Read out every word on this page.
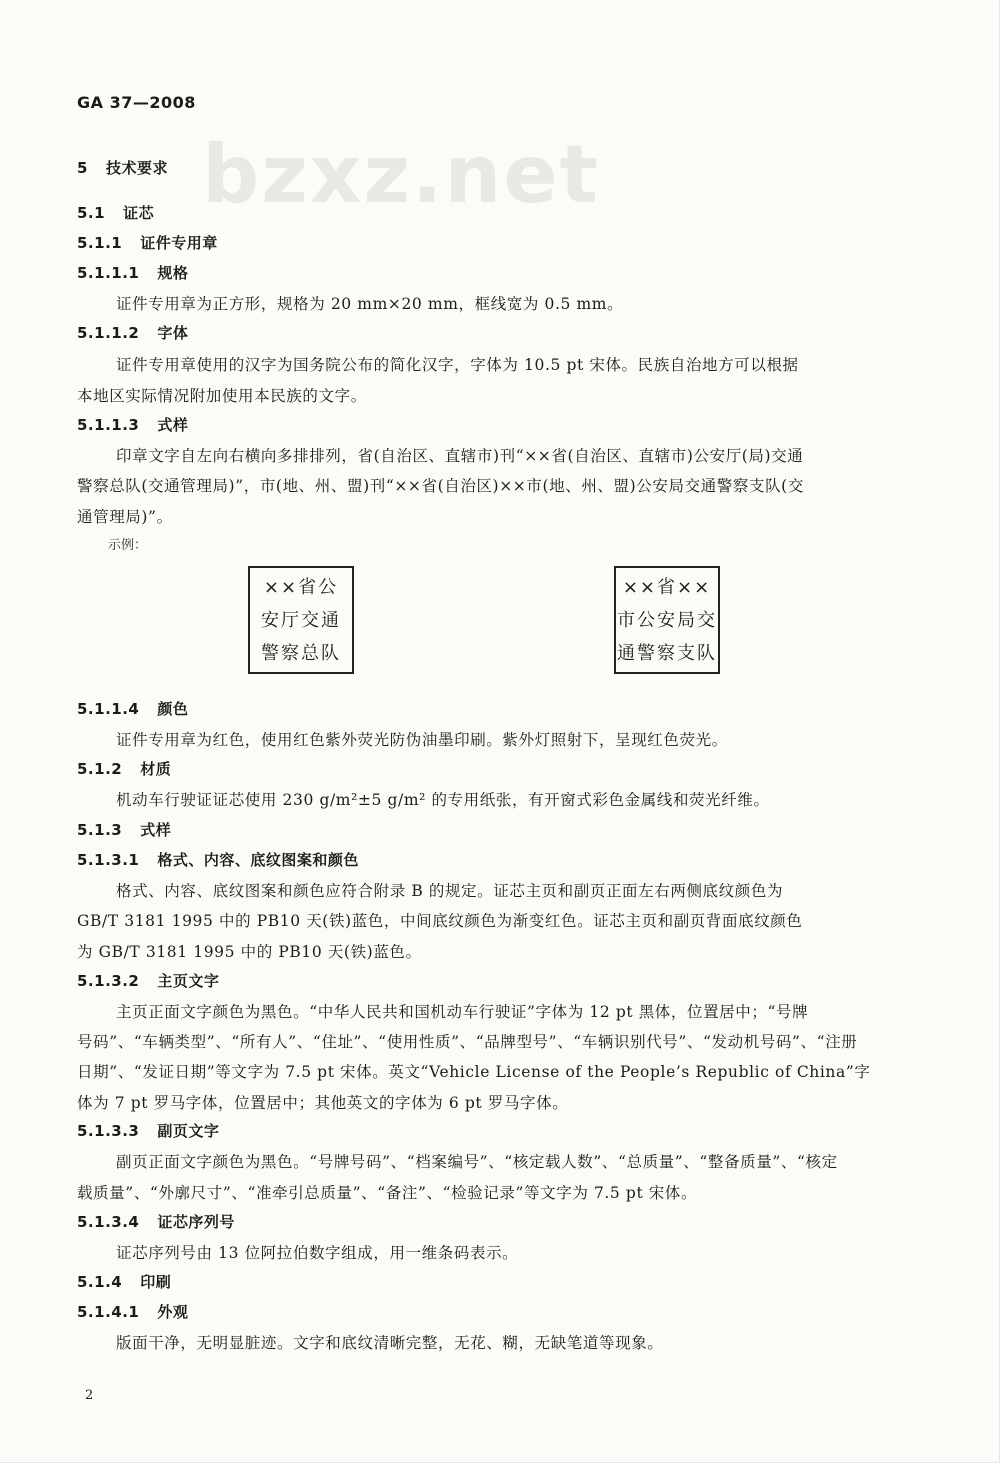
GA 37—2008
bzxz.net
5 技术要求
5.1 证芯
5.1.1 证件专用章
5.1.1.1 规格
证件专用章为正方形，规格为 20 mm×20 mm，框线宽为 0.5 mm。
5.1.1.2 字体
证件专用章使用的汉字为国务院公布的简化汉字，字体为 10.5 pt 宋体。民族自治地方可以根据
本地区实际情况附加使用本民族的文字。
5.1.1.3 式样
印章文字自左向右横向多排排列，省(自治区、直辖市)刊“××省(自治区、直辖市)公安厅(局)交通
警察总队(交通管理局)”，市(地、州、盟)刊“××省(自治区)××市(地、州、盟)公安局交通警察支队(交
通管理局)”。
示例：
××省公
安厅交通
警察总队
××省××
市公安局交
通警察支队
5.1.1.4 颜色
证件专用章为红色，使用红色紫外荧光防伪油墨印刷。紫外灯照射下，呈现红色荧光。
5.1.2 材质
机动车行驶证证芯使用 230 g/m²±5 g/m² 的专用纸张，有开窗式彩色金属线和荧光纤维。
5.1.3 式样
5.1.3.1 格式、内容、底纹图案和颜色
格式、内容、底纹图案和颜色应符合附录 B 的规定。证芯主页和副页正面左右两侧底纹颜色为
GB/T 3181 1995 中的 PB10 天(铁)蓝色，中间底纹颜色为渐变红色。证芯主页和副页背面底纹颜色
为 GB/T 3181 1995 中的 PB10 天(铁)蓝色。
5.1.3.2 主页文字
主页正面文字颜色为黑色。“中华人民共和国机动车行驶证”字体为 12 pt 黑体，位置居中；“号牌
号码”、“车辆类型”、“所有人”、“住址”、“使用性质”、“品牌型号”、“车辆识别代号”、“发动机号码”、“注册
日期”、“发证日期”等文字为 7.5 pt 宋体。英文“Vehicle License of the People’s Republic of China”字
体为 7 pt 罗马字体，位置居中；其他英文的字体为 6 pt 罗马字体。
5.1.3.3 副页文字
副页正面文字颜色为黑色。“号牌号码”、“档案编号”、“核定载人数”、“总质量”、“整备质量”、“核定
载质量”、“外廓尺寸”、“准牵引总质量”、“备注”、“检验记录”等文字为 7.5 pt 宋体。
5.1.3.4 证芯序列号
证芯序列号由 13 位阿拉伯数字组成，用一维条码表示。
5.1.4 印刷
5.1.4.1 外观
版面干净，无明显脏迹。文字和底纹清晰完整，无花、糊，无缺笔道等现象。
2
